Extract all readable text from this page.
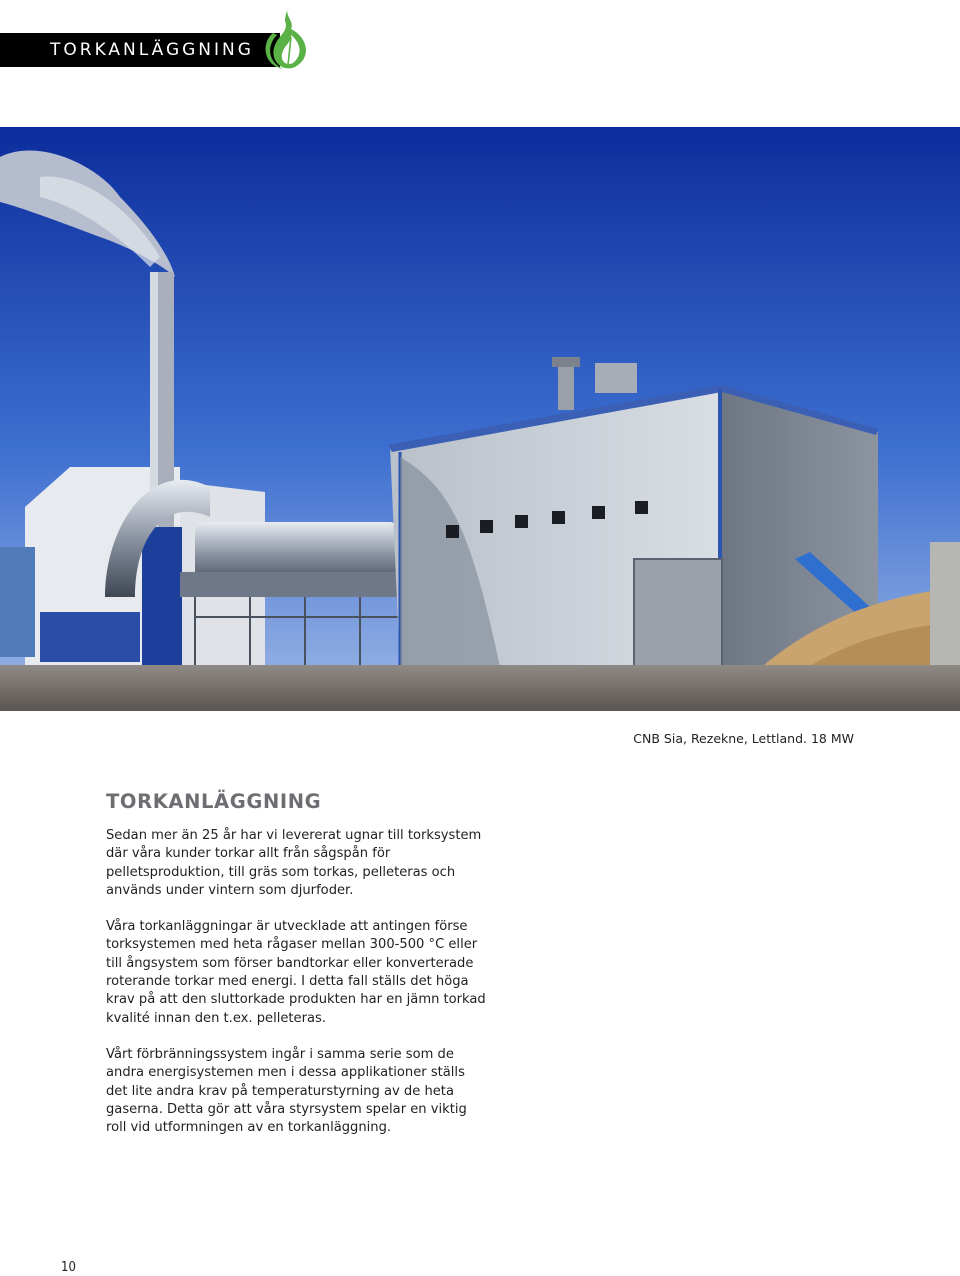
TORKANLÄGGNING
CNB Sia, Rezekne, Lettland. 18 MW
TORKANLÄGGNING

Sedan mer än 25 år har vi levererat ugnar till torksystem där våra kunder torkar allt från sågspån för pelletsproduktion, till gräs som torkas, pelleteras och används under vintern som djurfoder.

Våra torkanläggningar är utvecklade att antingen förse torksystemen med heta rågaser mellan 300-500 °C eller till ångsystem som förser bandtorkar eller konverterade roterande torkar med energi. I detta fall ställs det höga krav på att den sluttorkade produkten har en jämn torkad kvalité innan den t.ex. pelleteras.

Vårt förbränningssystem ingår i samma serie som de andra energisystemen men i dessa applikationer ställs det lite andra krav på temperaturstyrning av de heta gaserna. Detta gör att våra styrsystem spelar en viktig roll vid utformningen av en torkanläggning.

10
